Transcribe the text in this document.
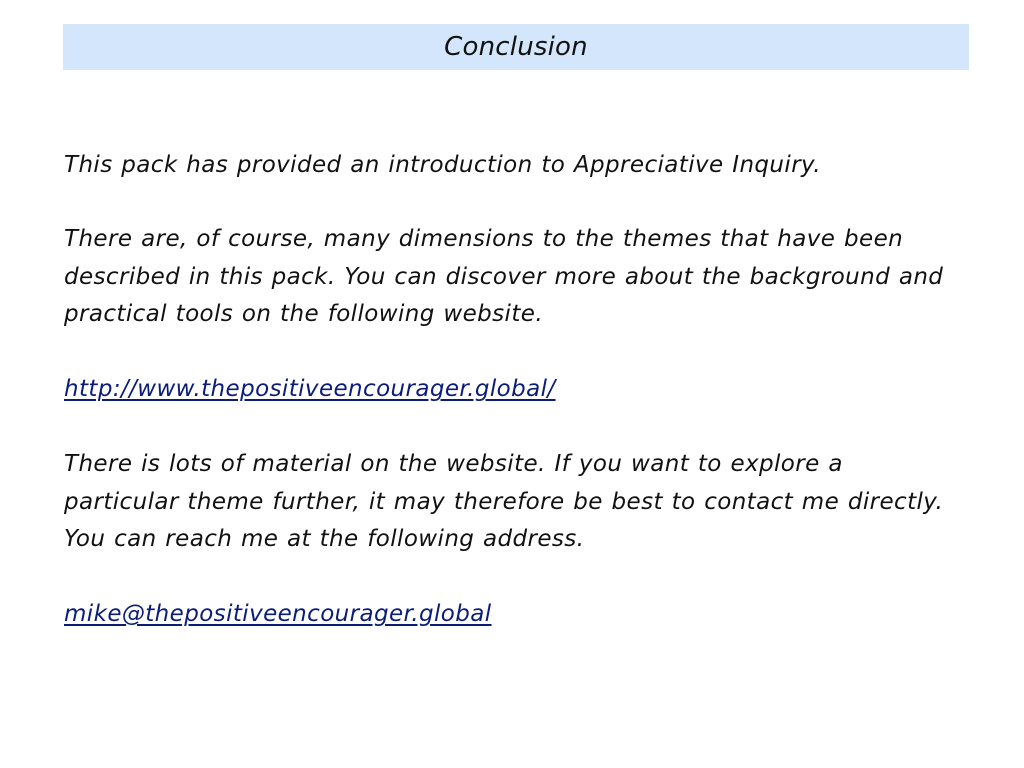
Conclusion

This pack has provided an introduction to Appreciative Inquiry.

There are, of course, many dimensions to the themes that have been described in this pack. You can discover more about the background and practical tools on the following website.

http://www.thepositiveencourager.global/

There is lots of material on the website. If you want to explore a particular theme further, it may therefore be best to contact me directly. You can reach me at the following address.

mike@thepositiveencourager.global
